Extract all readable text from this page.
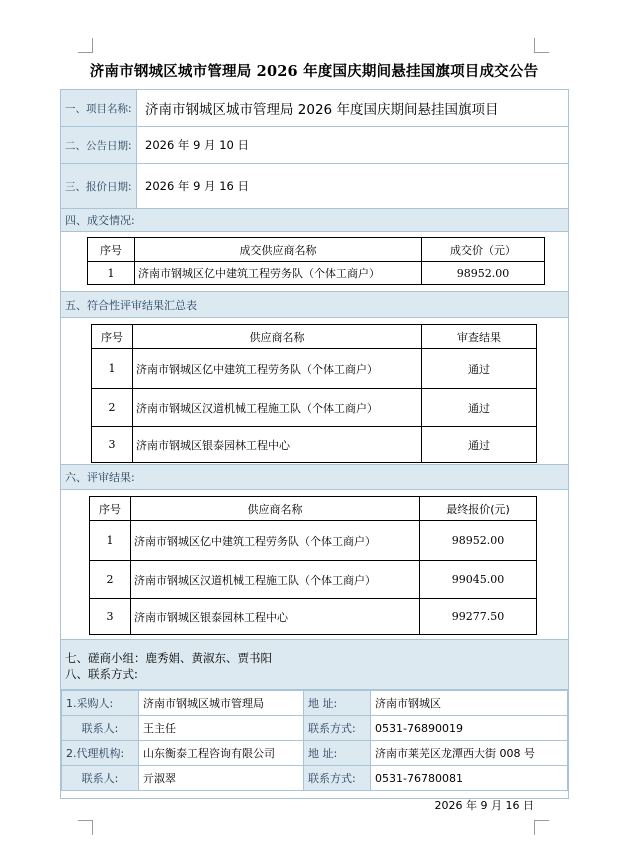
济南市钢城区城市管理局 2026 年度国庆期间悬挂国旗项目成交公告
一、项目名称: 济南市钢城区城市管理局 2026 年度国庆期间悬挂国旗项目
二、公告日期:	2026 年 9 月 10 日
三、报价日期:	2026 年 9 月 16 日
四、成交情况:
序号	成交供应商名称	成交价（元）
1	济南市钢城区亿中建筑工程劳务队（个体工商户）	98952.00
五、符合性评审结果汇总表
序号	供应商名称	审查结果
1	济南市钢城区亿中建筑工程劳务队（个体工商户）	通过
2	济南市钢城区汉道机械工程施工队（个体工商户）	通过
3	济南市钢城区银泰园林工程中心	通过
六、评审结果:
序号	供应商名称	最终报价(元)
1	济南市钢城区亿中建筑工程劳务队（个体工商户）	98952.00
2	济南市钢城区汉道机械工程施工队（个体工商户）	99045.00
3	济南市钢城区银泰园林工程中心	99277.50
七、磋商小组：鹿秀娟、黄淑东、贾书阳
八、联系方式:
1.采购人:	济南市钢城区城市管理局	地 址:	济南市钢城区
联系人:	王主任	联系方式:	0531-76890019
2.代理机构:	山东衡泰工程咨询有限公司	地 址:	济南市莱芜区龙潭西大街 008 号
联系人:	亓淑翠	联系方式:	0531-76780081
2026 年 9 月 16 日
